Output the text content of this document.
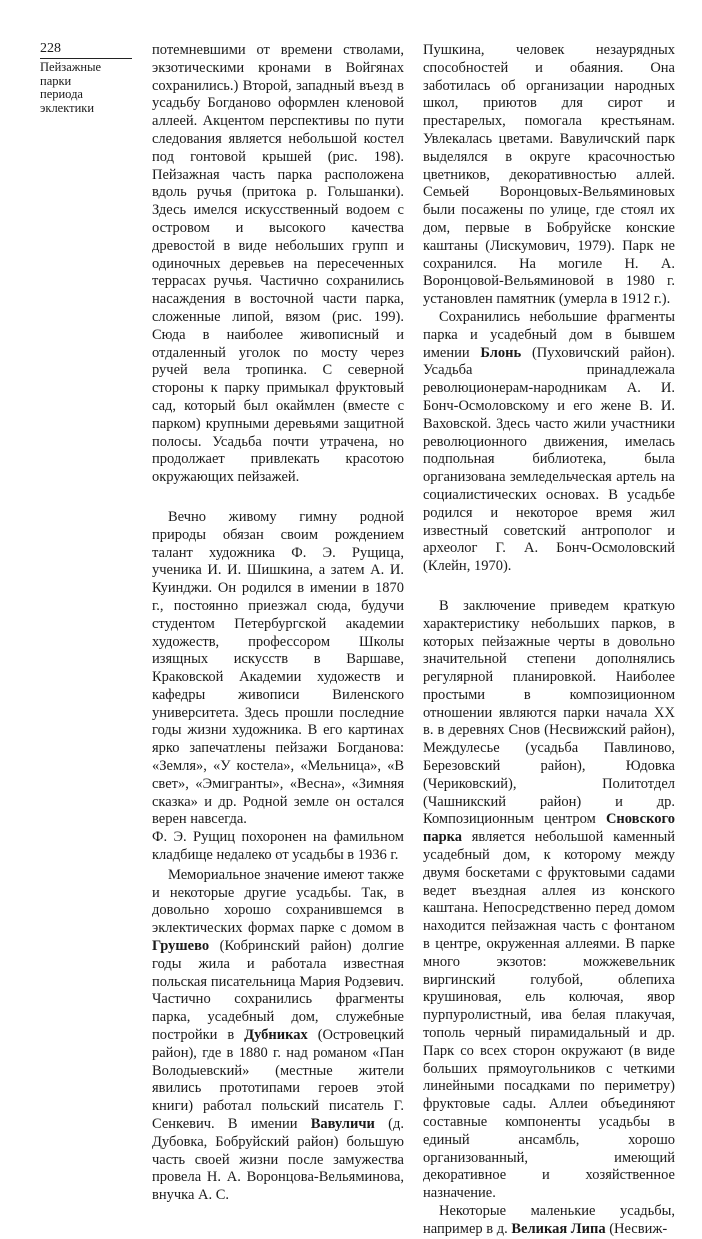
228
Пейзажные
парки
периода
эклектики

потемневшими от времени стволами, экзотическими кронами в Войгянах сохранились.) Второй, западный въезд в усадьбу Богданово оформлен кленовой аллеей. Акцентом перспективы по пути следования является небольшой костел под гонтовой крышей (рис. 198). Пейзажная часть парка расположена вдоль ручья (притока р. Гольшанки). Здесь имелся искусственный водоем с островом и высокого качества древостой в виде небольших групп и одиночных деревьев на пересеченных террасах ручья. Частично сохранились насаждения в восточной части парка, сложенные липой, вязом (рис. 199). Сюда в наиболее живописный и отдаленный уголок по мосту через ручей вела тропинка. С северной стороны к парку примыкал фруктовый сад, который был окаймлен (вместе с парком) крупными деревьями защитной полосы. Усадьба почти утрачена, но продолжает привлекать красотою окружающих пейзажей.

Вечно живому гимну родной природы обязан своим рождением талант художника Ф. Э. Рущица, ученика И. И. Шишкина, а затем А. И. Куинджи. Он родился в имении в 1870 г., постоянно приезжал сюда, будучи студентом Петербургской академии художеств, профессором Школы изящных искусств в Варшаве, Краковской Академии художеств и кафедры живописи Виленского университета. Здесь прошли последние годы жизни художника. В его картинах ярко запечатлены пейзажи Богданова: «Земля», «У костела», «Мельница», «В свет», «Эмигранты», «Весна», «Зимняя сказка» и др. Родной земле он остался верен навсегда.

Ф. Э. Рущиц похоронен на фамильном кладбище недалеко от усадьбы в 1936 г.

Мемориальное значение имеют также и некоторые другие усадьбы. Так, в довольно хорошо сохранившемся в эклектических формах парке с домом в Грушево (Кобринский район) долгие годы жила и работала известная польская писательница Мария Родзевич. Частично сохранились фрагменты парка, усадебный дом, служебные постройки в Дубниках (Островецкий район), где в 1880 г. над романом «Пан Володыевский» (местные жители явились прототипами героев этой книги) работал польский писатель Г. Сенкевич. В имении Вавуличи (д. Дубовка, Бобруйский район) большую часть своей жизни после замужества провела Н. А. Воронцова-Вельяминова, внучка А. С.

Пушкина, человек незаурядных способностей и обаяния. Она заботилась об организации народных школ, приютов для сирот и престарелых, помогала крестьянам. Увлекалась цветами. Вавуличский парк выделялся в округе красочностью цветников, декоративностью аллей. Семьей Воронцовых-Вельяминовых были посажены по улице, где стоял их дом, первые в Бобруйске конские каштаны (Лискумович, 1979). Парк не сохранился. На могиле Н. А. Воронцовой-Вельяминовой в 1980 г. установлен памятник (умерла в 1912 г.).

Сохранились небольшие фрагменты парка и усадебный дом в бывшем имении Блонь (Пуховичский район). Усадьба принадлежала революционерам-народникам А. И. Бонч-Осмоловскому и его жене В. И. Ваховской. Здесь часто жили участники революционного движения, имелась подпольная библиотека, была организована земледельческая артель на социалистических основах. В усадьбе родился и некоторое время жил известный советский антрополог и археолог Г. А. Бонч-Осмоловский (Клейн, 1970).

В заключение приведем краткую характеристику небольших парков, в которых пейзажные черты в довольно значительной степени дополнялись регулярной планировкой. Наиболее простыми в композиционном отношении являются парки начала XX в. в деревнях Снов (Несвижский район), Междулесье (усадьба Павлиново, Березовский район), Юдовка (Чериковский), Политотдел (Чашникский район) и др. Композиционным центром Сновского парка является небольшой каменный усадебный дом, к которому между двумя боскетами с фруктовыми садами ведет въездная аллея из конского каштана. Непосредственно перед домом находится пейзажная часть с фонтаном в центре, окруженная аллеями. В парке много экзотов: можжевельник виргинский голубой, облепиха крушиновая, ель колючая, явор пурпуролистный, ива белая плакучая, тополь черный пирамидальный и др. Парк со всех сторон окружают (в виде больших прямоугольников с четкими линейными посадками по периметру) фруктовые сады. Аллеи объединяют составные компоненты усадьбы в единый ансамбль, хорошо организованный, имеющий декоративное и хозяйственное назначение.

Некоторые маленькие усадьбы, например в д. Великая Липа (Несвиж-
